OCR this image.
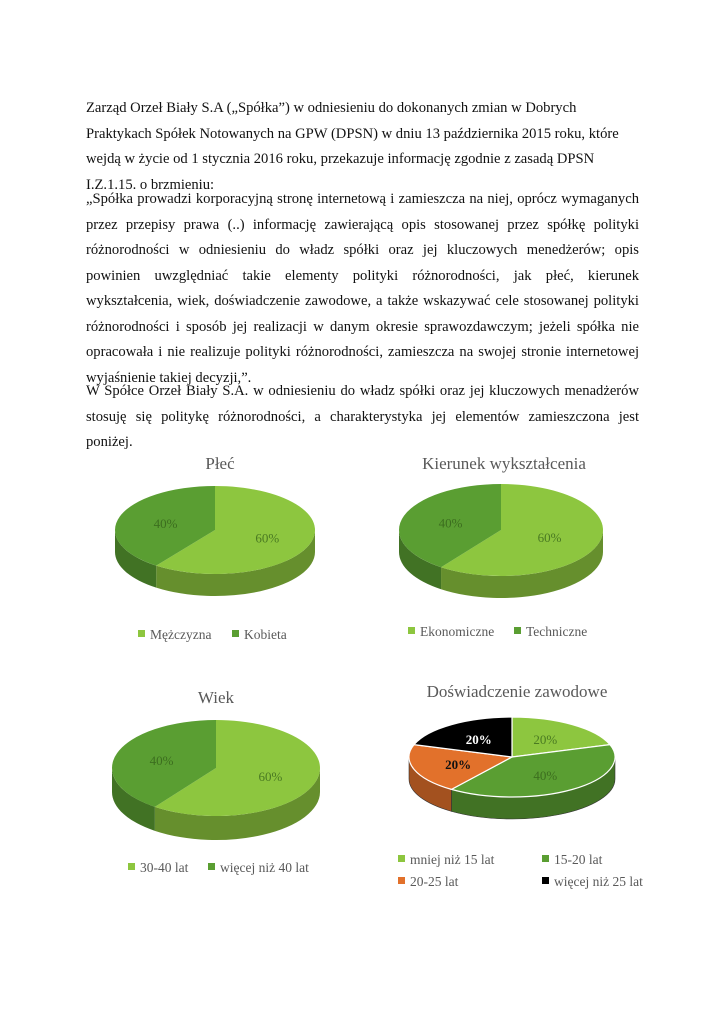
Zarząd Orzeł Biały S.A („Spółka”) w odniesieniu do dokonanych zmian w Dobrych Praktykach Spółek Notowanych na GPW (DPSN) w dniu 13 października 2015 roku, które wejdą w życie od 1 stycznia 2016 roku, przekazuje informację zgodnie z zasadą DPSN I.Z.1.15. o brzmieniu:

„Spółka prowadzi korporacyjną stronę internetową i zamieszcza na niej, oprócz wymaganych przez przepisy prawa (..) informację zawierającą opis stosowanej przez spółkę polityki różnorodności w odniesieniu do władz spółki oraz jej kluczowych menedżerów; opis powinien uwzględniać takie elementy polityki różnorodności, jak płeć, kierunek wykształcenia, wiek, doświadczenie zawodowe, a także wskazywać cele stosowanej polityki różnorodności i sposób jej realizacji w danym okresie sprawozdawczym; jeżeli spółka nie opracowała i nie realizuje polityki różnorodności, zamieszcza na swojej stronie internetowej wyjaśnienie takiej decyzji,”.

W Spółce Orzeł Biały S.A. w odniesieniu do władz spółki oraz jej kluczowych menadżerów stosuję się politykę różnorodności, a charakterystyka jej elementów zamieszczona jest poniżej.

Płeć
60%
40%
Mężczyzna	Kobieta
Kierunek wykształcenia
60%
40%
Ekonomiczne	Techniczne
Wiek
60%
40%
30-40 lat	więcej niż 40 lat
Doświadczenie zawodowe
20%
40%
20%
20%
mniej niż 15 lat	15-20 lat
20-25 lat	więcej niż 25 lat
